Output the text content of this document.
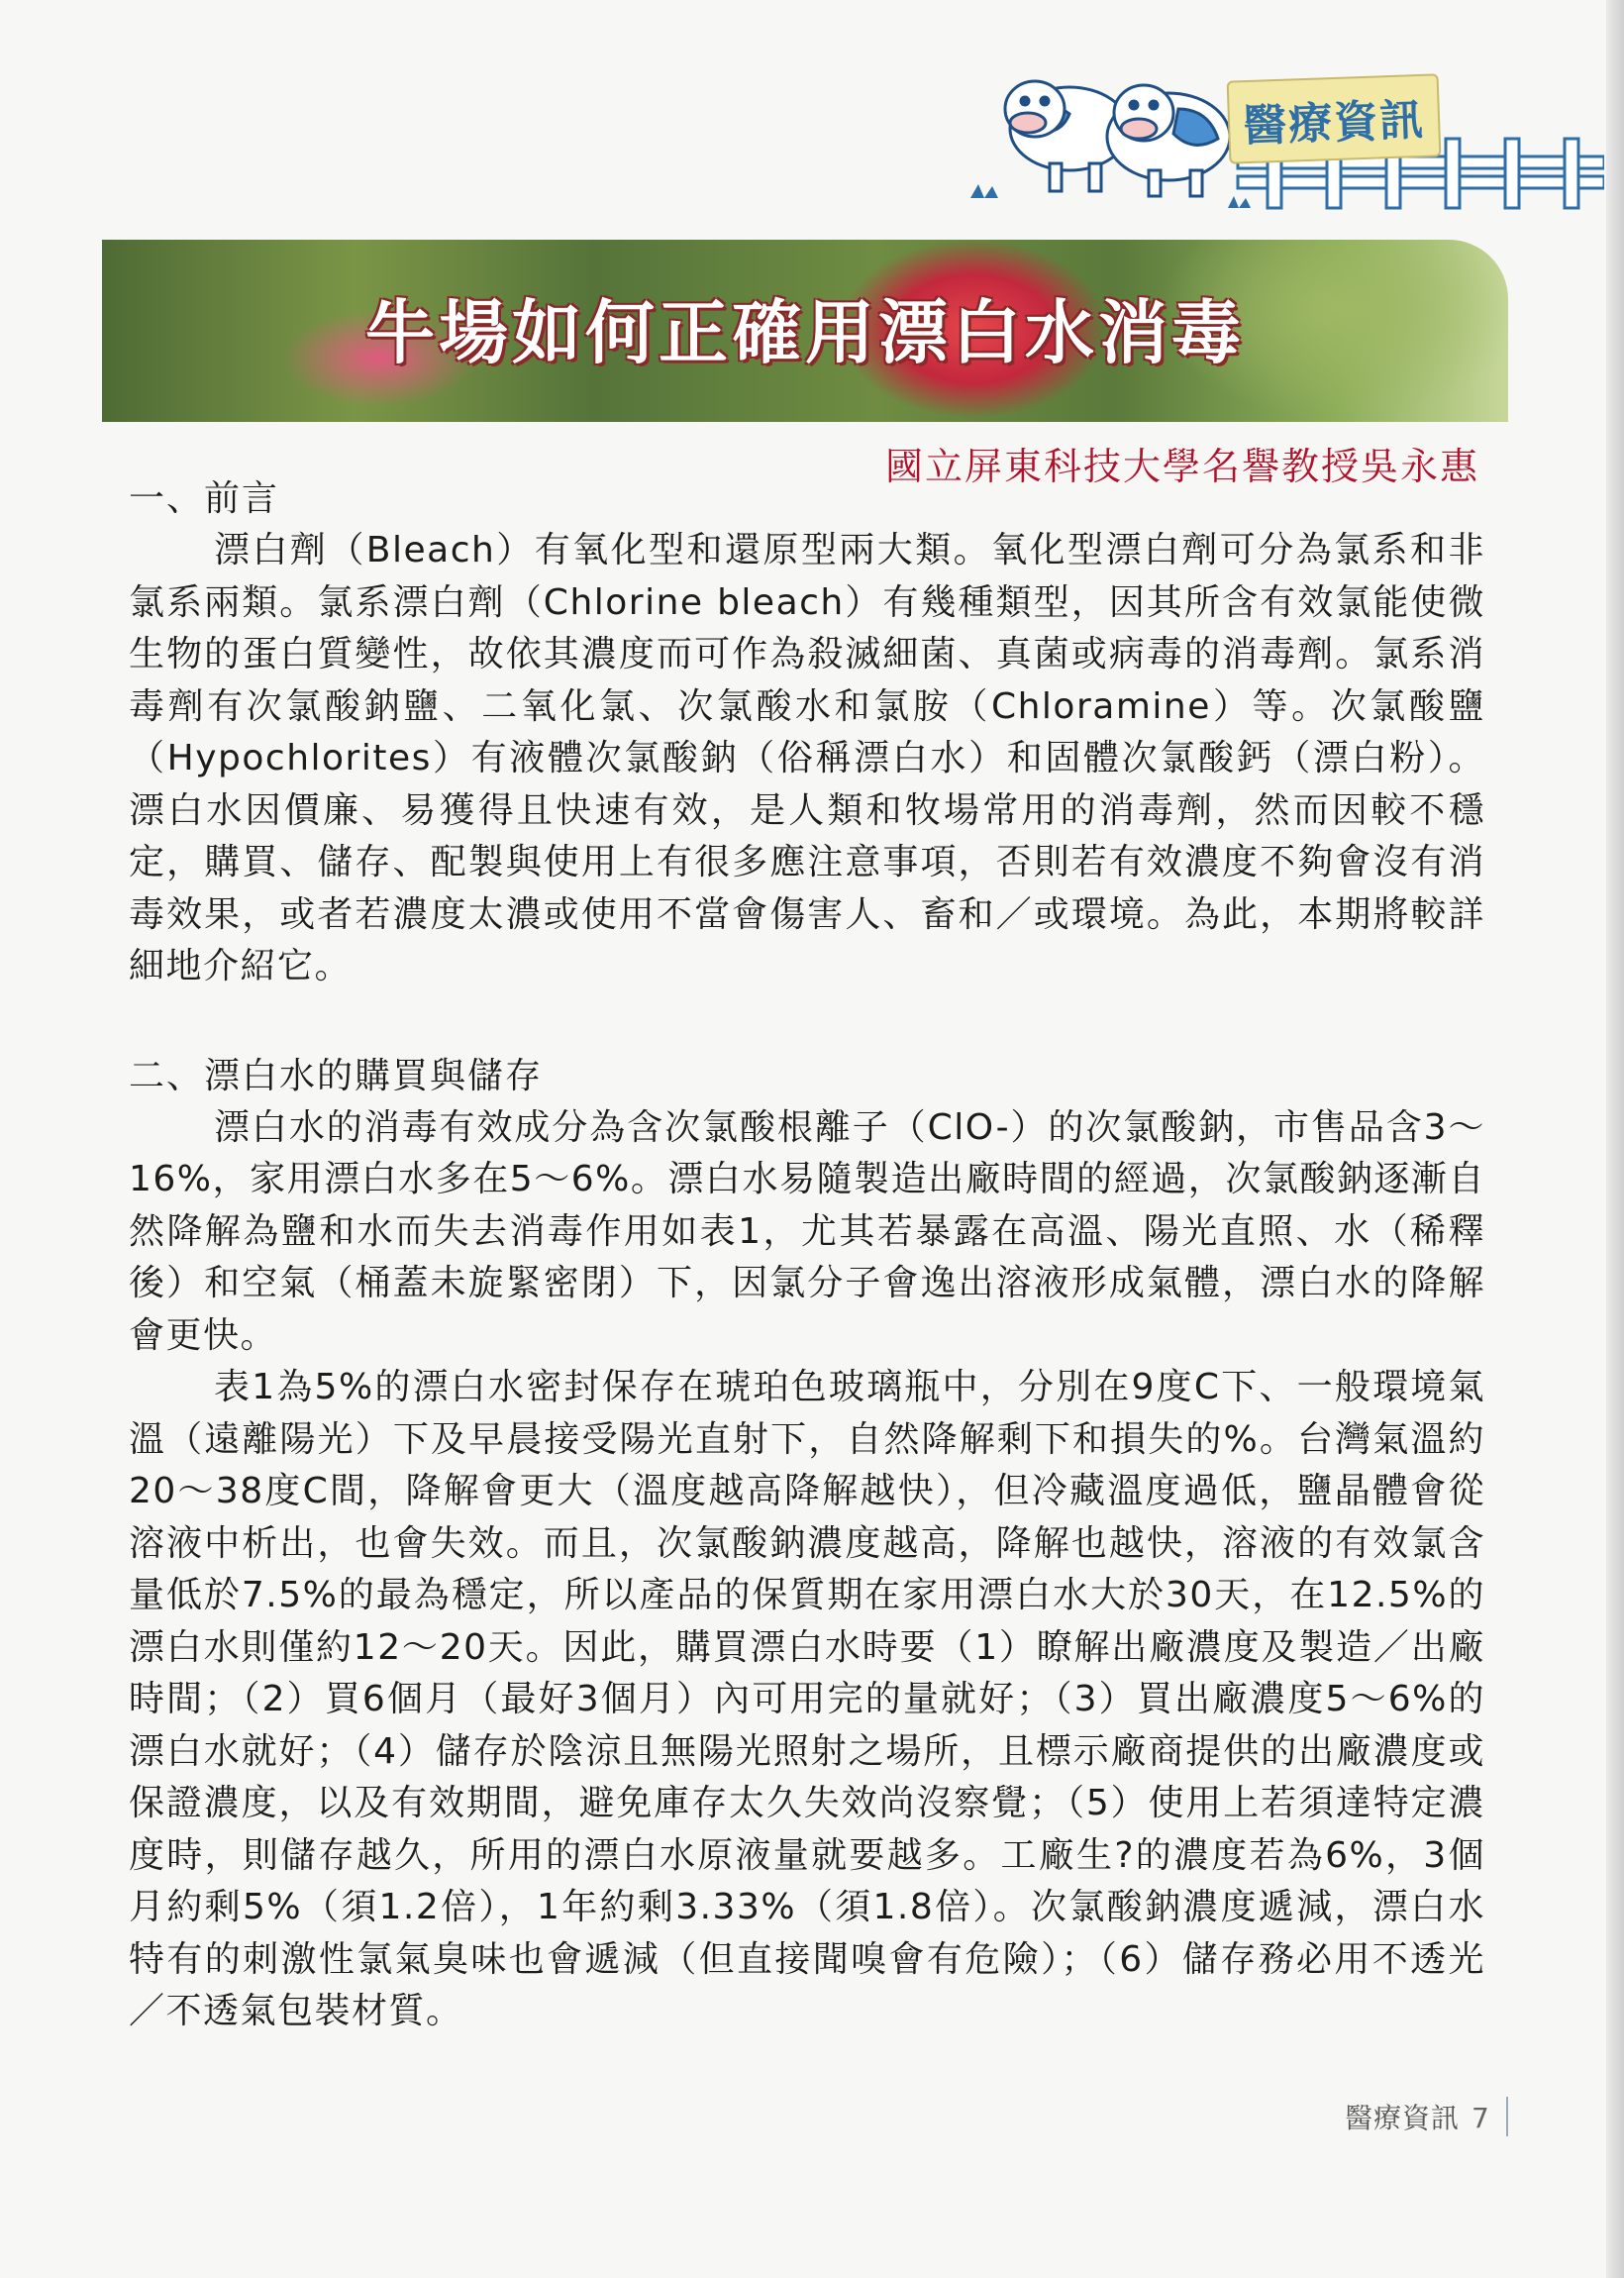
醫療資訊
牛場如何正確用漂白水消毒
國立屏東科技大學名譽教授吳永惠
一、前言

漂白劑（Bleach）有氧化型和還原型兩大類。氧化型漂白劑可分為氯系和非氯系兩類。氯系漂白劑（Chlorine bleach）有幾種類型，因其所含有效氯能使微生物的蛋白質變性，故依其濃度而可作為殺滅細菌、真菌或病毒的消毒劑。氯系消毒劑有次氯酸鈉鹽、二氧化氯、次氯酸水和氯胺（Chloramine）等。次氯酸鹽（Hypochlorites）有液體次氯酸鈉（俗稱漂白水）和固體次氯酸鈣（漂白粉）。漂白水因價廉、易獲得且快速有效，是人類和牧場常用的消毒劑，然而因較不穩定，購買、儲存、配製與使用上有很多應注意事項，否則若有效濃度不夠會沒有消毒效果，或者若濃度太濃或使用不當會傷害人、畜和／或環境。為此，本期將較詳細地介紹它。

二、漂白水的購買與儲存

漂白水的消毒有效成分為含次氯酸根離子（ClO-）的次氯酸鈉，市售品含3～16%，家用漂白水多在5～6%。漂白水易隨製造出廠時間的經過，次氯酸鈉逐漸自然降解為鹽和水而失去消毒作用如表1，尤其若暴露在高溫、陽光直照、水（稀釋後）和空氣（桶蓋未旋緊密閉）下，因氯分子會逸出溶液形成氣體，漂白水的降解會更快。

表1為5%的漂白水密封保存在琥珀色玻璃瓶中，分別在9度C下、一般環境氣溫（遠離陽光）下及早晨接受陽光直射下，自然降解剩下和損失的%。台灣氣溫約20～38度C間，降解會更大（溫度越高降解越快），但冷藏溫度過低，鹽晶體會從溶液中析出，也會失效。而且，次氯酸鈉濃度越高，降解也越快，溶液的有效氯含量低於7.5%的最為穩定，所以產品的保質期在家用漂白水大於30天，在12.5%的漂白水則僅約12～20天。因此，購買漂白水時要（1）瞭解出廠濃度及製造／出廠時間；（2）買6個月（最好3個月）內可用完的量就好；（3）買出廠濃度5～6%的漂白水就好；（4）儲存於陰涼且無陽光照射之場所，且標示廠商提供的出廠濃度或保證濃度，以及有效期間，避免庫存太久失效尚沒察覺；（5）使用上若須達特定濃度時，則儲存越久，所用的漂白水原液量就要越多。工廠生?的濃度若為6%，3個月約剩5%（須1.2倍），1年約剩3.33%（須1.8倍）。次氯酸鈉濃度遞減，漂白水特有的刺激性氯氣臭味也會遞減（但直接聞嗅會有危險）；（6）儲存務必用不透光／不透氣包裝材質。

醫療資訊 7
